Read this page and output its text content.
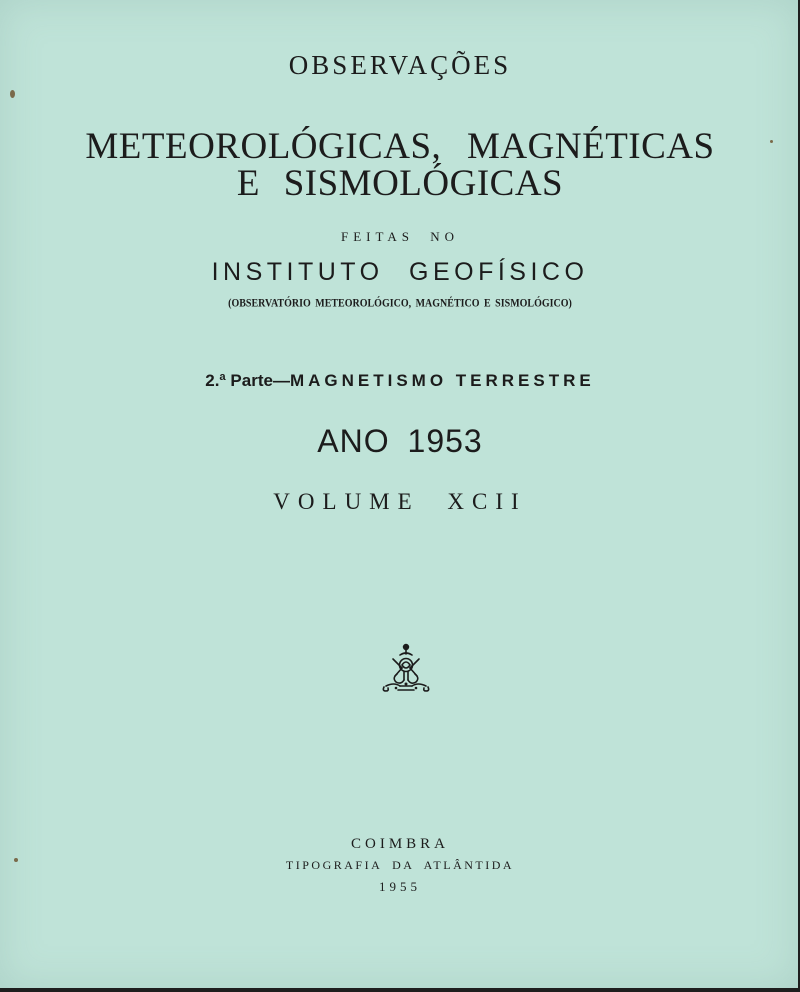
OBSERVAÇÕES
METEOROLÓGICAS, MAGNÉTICAS
E SISMOLÓGICAS
FEITAS NO
INSTITUTO GEOFÍSICO
(OBSERVATÓRIO METEOROLÓGICO, MAGNÉTICO E SISMOLÓGICO)
2.ª Parte—MAGNETISMO TERRESTRE
ANO 1953
VOLUME XCII
COIMBRA
TIPOGRAFIA DA ATLÂNTIDA
1955
